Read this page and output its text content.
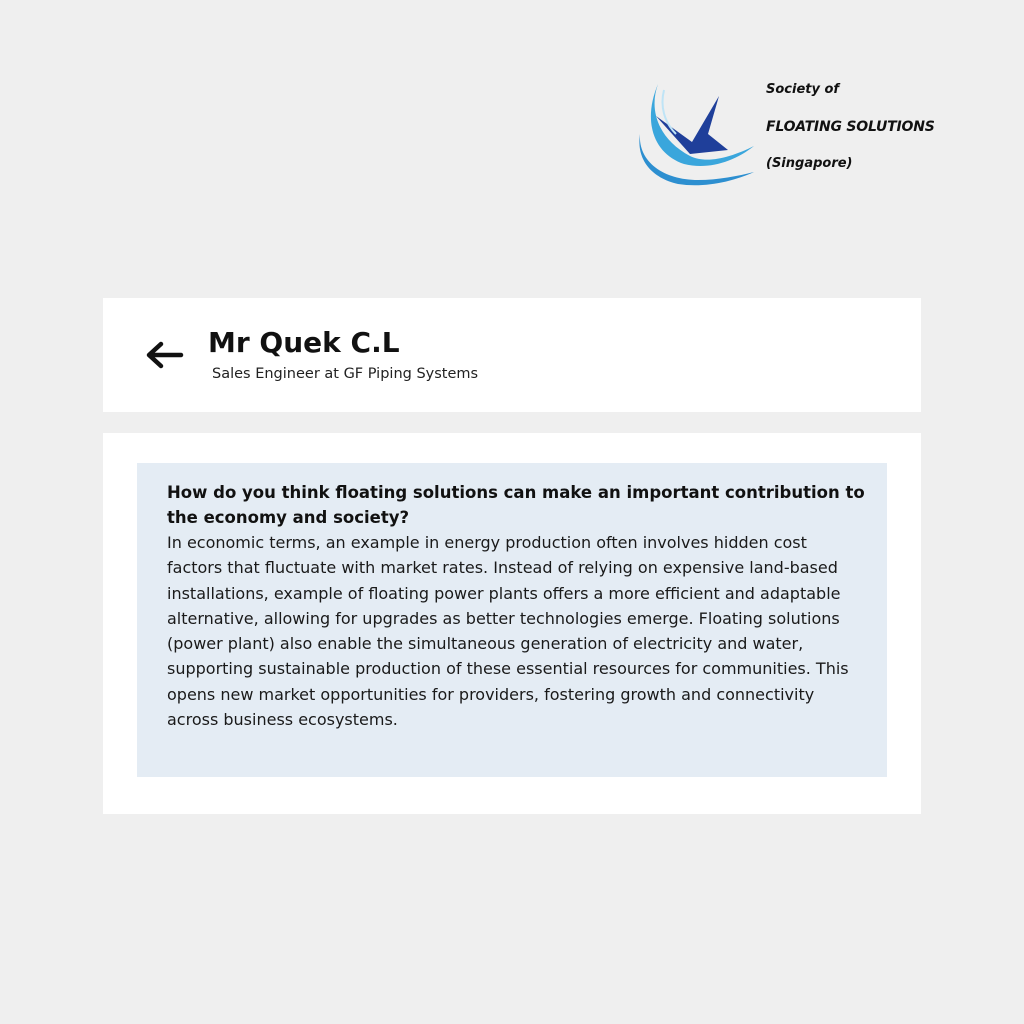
Society of
FLOATING SOLUTIONS
(Singapore)
Mr Quek C.L
Sales Engineer at GF Piping Systems

How do you think floating solutions can make an important contribution to the economy and society?

In economic terms, an example in energy production often involves hidden cost factors that fluctuate with market rates. Instead of relying on expensive land-based installations, example of floating power plants offers a more efficient and adaptable alternative, allowing for upgrades as better technologies emerge. Floating solutions (power plant) also enable the simultaneous generation of electricity and water, supporting sustainable production of these essential resources for communities. This opens new market opportunities for providers, fostering growth and connectivity across business ecosystems.
